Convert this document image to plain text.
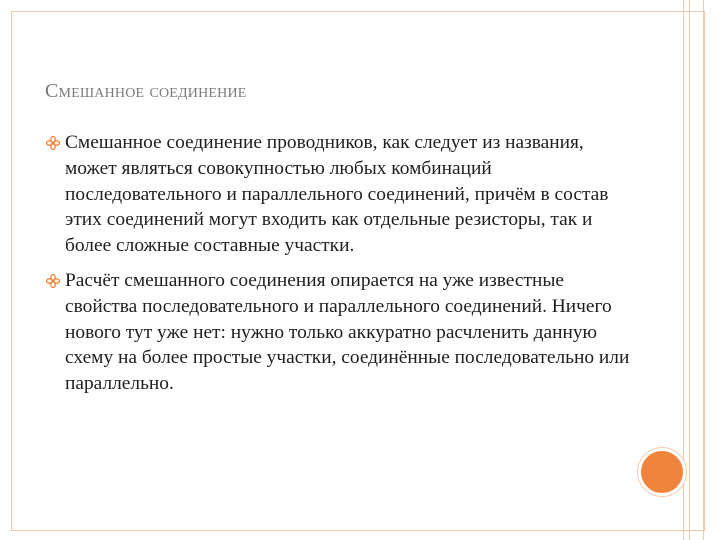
Смешанное соединение
Смешанное соединение проводников, как следует из названия, может являться совокупностью любых комбинаций последовательного и параллельного соединений, причём в состав этих соединений могут входить как отдельные резисторы, так и более сложные составные участки.
Расчёт смешанного соединения опирается на уже известные свойства последовательного и параллельного соединений. Ничего нового тут уже нет: нужно только аккуратно расчленить данную схему на более простые участки, соединённые последовательно или параллельно.
